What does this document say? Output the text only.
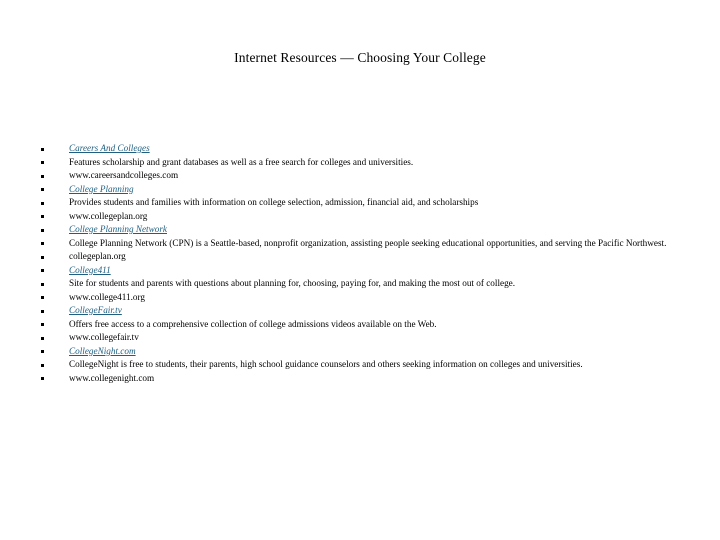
Internet Resources — Choosing Your College
Careers And Colleges
Features scholarship and grant databases as well as a free search for colleges and universities.
www.careersandcolleges.com
College Planning
Provides students and families with information on college selection, admission, financial aid, and scholarships
www.collegeplan.org
College Planning Network
College Planning Network (CPN) is a Seattle-based, nonprofit organization, assisting people seeking educational opportunities, and serving the Pacific Northwest.
collegeplan.org
College411
Site for students and parents with questions about planning for, choosing, paying for, and making the most out of college.
www.college411.org
CollegeFair.tv
Offers free access to a comprehensive collection of college admissions videos available on the Web.
www.collegefair.tv
CollegeNight.com
CollegeNight is free to students, their parents, high school guidance counselors and others seeking information on colleges and universities.
www.collegenight.com
